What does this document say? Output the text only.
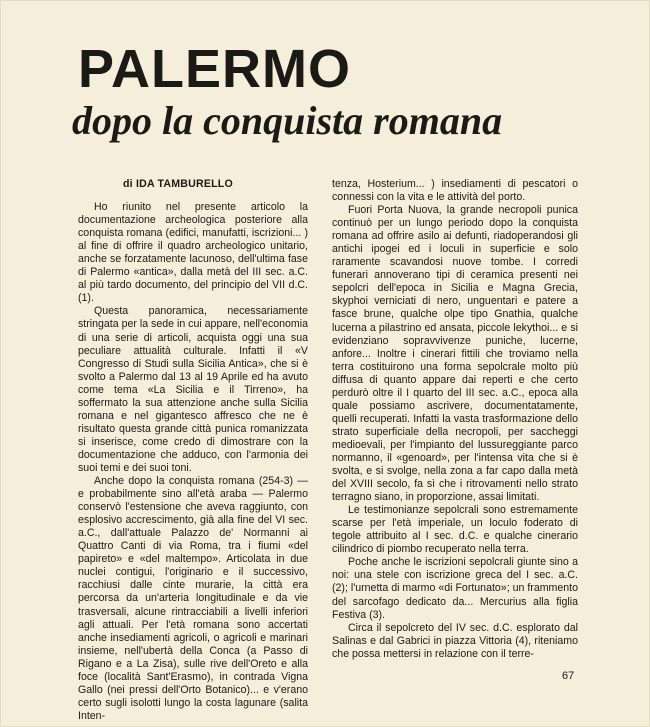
PALERMO
dopo la conquista romana

di IDA TAMBURELLO

Ho riunito nel presente articolo la documentazione archeologica posteriore alla conquista romana (edifici, manufatti, iscrizioni... ) al fine di offrire il quadro archeologico unitario, anche se forzatamente lacunoso, dell'ultima fase di Palermo «antica», dalla metà del III sec. a.C. al più tardo documento, del principio del VII d.C. (1).

Questa panoramica, necessariamente stringata per la sede in cui appare, nell'economia di una serie di articoli, acquista oggi una sua peculiare attualità culturale. Infatti il «V Congresso di Studi sulla Sicilia Antica», che si è svolto a Palermo dal 13 al 19 Aprile ed ha avuto come tema «La Sicilia e il Tirreno», ha soffermato la sua attenzione anche sulla Sicilia romana e nel gigantesco affresco che ne è risultato questa grande città punica romanizzata si inserisce, come credo di dimostrare con la documentazione che adduco, con l'armonia dei suoi temi e dei suoi toni.

Anche dopo la conquista romana (254-3) — e probabilmente sino all'età araba — Palermo conservò l'estensione che aveva raggiunto, con esplosivo accrescimento, già alla fine del VI sec. a.C., dall'attuale Palazzo de' Normanni ai Quattro Canti di via Roma, tra i fiumi «del papireto» e «del maltempo». Articolata in due nuclei contigui, l'originario e il successivo, racchiusi dalle cinte murarie, la città era percorsa da un'arteria longitudinale e da vie trasversali, alcune rintracciabili a livelli inferiori agli attuali. Per l'età romana sono accertati anche insediamenti agricoli, o agricoli e marinari insieme, nell'ubertà della Conca (a Passo di Rigano e a La Zisa), sulle rive dell'Oreto e alla foce (località Sant'Erasmo), in contrada Vigna Gallo (nei pressi dell'Orto Botanico)... e v'erano certo sugli isolotti lungo la costa lagunare (salita Inten-

tenza, Hosterium... ) insediamenti di pescatori o connessi con la vita e le attività del porto.

Fuori Porta Nuova, la grande necropoli punica continuò per un lungo periodo dopo la conquista romana ad offrire asilo ai defunti, riadoperandosi gli antichi ipogei ed i loculi in superficie e solo raramente scavandosi nuove tombe. I corredi funerari annoverano tipi di ceramica presenti nei sepolcri dell'epoca in Sicilia e Magna Grecia, skyphoi verniciati di nero, unguentari e patere a fasce brune, qualche olpe tipo Gnathia, qualche lucerna a pilastrino ed ansata, piccole lekythoi... e si evidenziano sopravvivenze puniche, lucerne, anfore... Inoltre i cinerari fittili che troviamo nella terra costituirono una forma sepolcrale molto più diffusa di quanto appare dai reperti e che certo perdurò oltre il I quarto del III sec. a.C., epoca alla quale possiamo ascrivere, documentatamente, quelli recuperati. Infatti la vasta trasformazione dello strato superficiale della necropoli, per saccheggi medioevali, per l'impianto del lussureggiante parco normanno, il «genoard», per l'intensa vita che si è svolta, e si svolge, nella zona a far capo dalla metà del XVIII secolo, fa sì che i ritrovamenti nello strato terragno siano, in proporzione, assai limitati.

Le testimonianze sepolcrali sono estremamente scarse per l'età imperiale, un loculo foderato di tegole attribuito al I sec. d.C. e qualche cinerario cilindrico di piombo recuperato nella terra.

Poche anche le iscrizioni sepolcrali giunte sino a noi: una stele con iscrizione greca del I sec. a.C. (2); l'urnetta di marmo «di Fortunato»; un frammento del sarcofago dedicato da... Mercurius alla figlia Festiva (3).

Circa il sepolcreto del IV sec. d.C. esplorato dal Salinas e dal Gabrici in piazza Vittoria (4), riteniamo che possa mettersi in relazione con il terre-

67
